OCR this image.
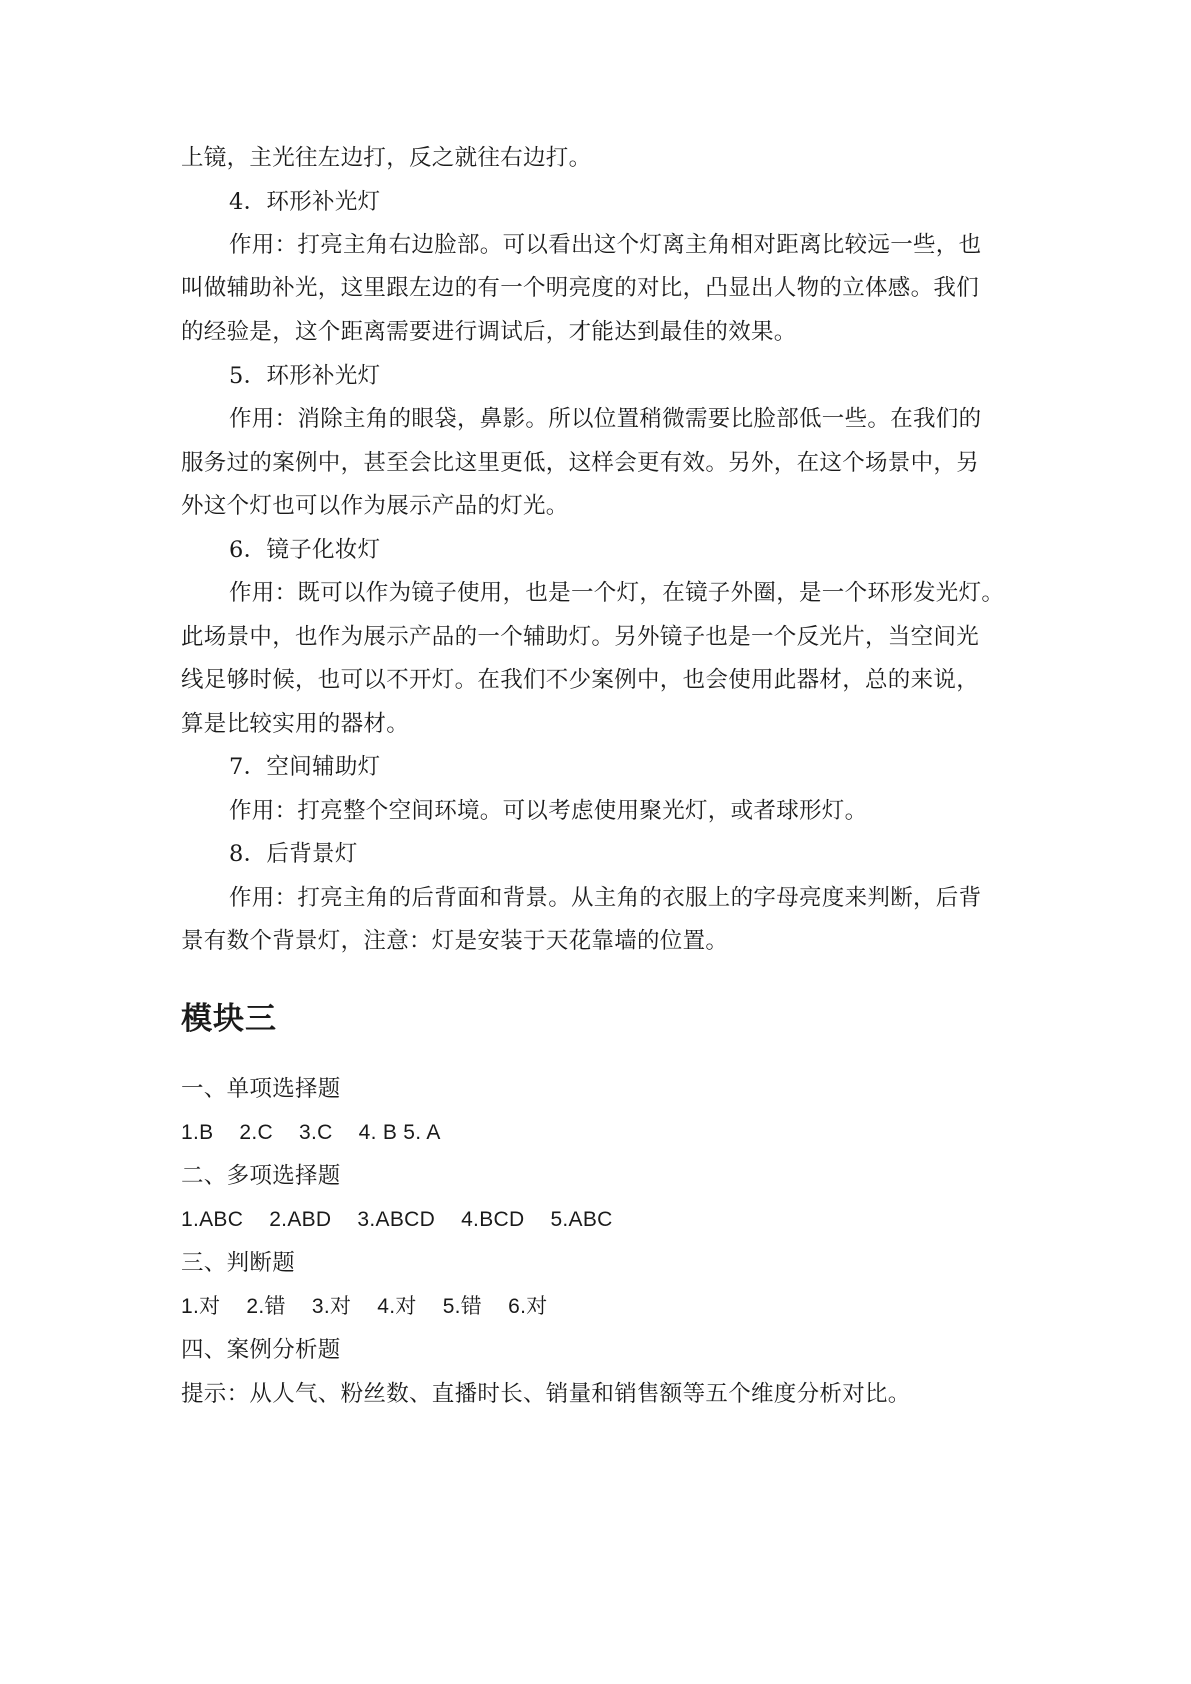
上镜，主光往左边打，反之就往右边打。
4．环形补光灯
作用：打亮主角右边脸部。可以看出这个灯离主角相对距离比较远一些，也
叫做辅助补光，这里跟左边的有一个明亮度的对比，凸显出人物的立体感。我们
的经验是，这个距离需要进行调试后，才能达到最佳的效果。
5．环形补光灯
作用：消除主角的眼袋，鼻影。所以位置稍微需要比脸部低一些。在我们的
服务过的案例中，甚至会比这里更低，这样会更有效。另外，在这个场景中，另
外这个灯也可以作为展示产品的灯光。
6．镜子化妆灯
作用：既可以作为镜子使用，也是一个灯，在镜子外圈，是一个环形发光灯。
此场景中，也作为展示产品的一个辅助灯。另外镜子也是一个反光片，当空间光
线足够时候，也可以不开灯。在我们不少案例中，也会使用此器材，总的来说，
算是比较实用的器材。
7．空间辅助灯
作用：打亮整个空间环境。可以考虑使用聚光灯，或者球形灯。
8．后背景灯
作用：打亮主角的后背面和背景。从主角的衣服上的字母亮度来判断，后背
景有数个背景灯，注意：灯是安装于天花靠墙的位置。
模块三
一、单项选择题
1.B 2.C 3.C 4. B 5. A
二、多项选择题
1.ABC 2.ABD 3.ABCD 4.BCD 5.ABC
三、判断题
1.对 2.错 3.对 4.对 5.错 6.对
四、案例分析题
提示：从人气、粉丝数、直播时长、销量和销售额等五个维度分析对比。
